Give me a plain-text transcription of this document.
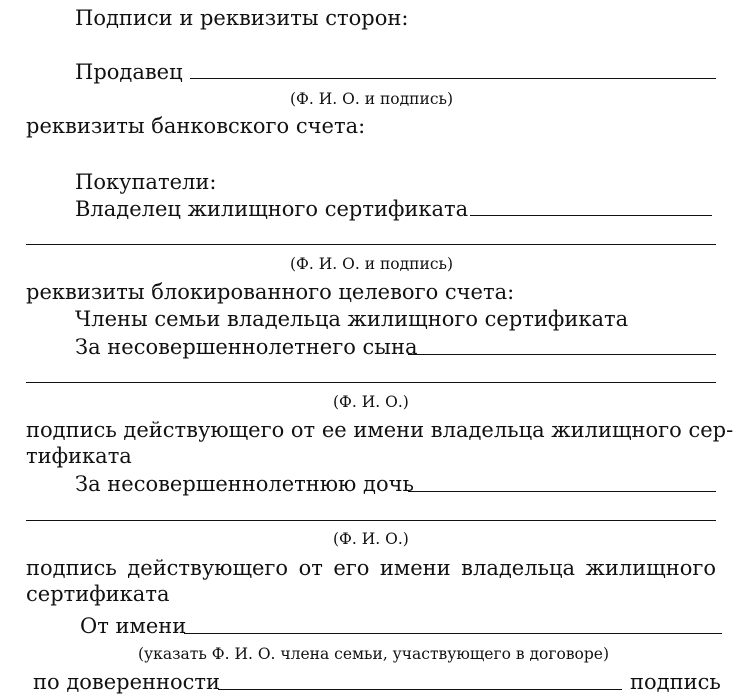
Подписи и реквизиты сторон:
Продавец
(Ф. И. О. и подпись)
реквизиты банковского счета:
Покупатели:
Владелец жилищного сертификата
(Ф. И. О. и подпись)
реквизиты блокированного целевого счета:
Члены семьи владельца жилищного сертификата
За несовершеннолетнего сына
(Ф. И. О.)
подпись действующего от ее имени владельца жилищного сер-
тификата
За несовершеннолетнюю дочь
(Ф. И. О.)
подпись действующего от его имени владельца жилищного
сертификата
От имени
(указать Ф. И. О. члена семьи, участвующего в договоре)
по доверенности	подпись
